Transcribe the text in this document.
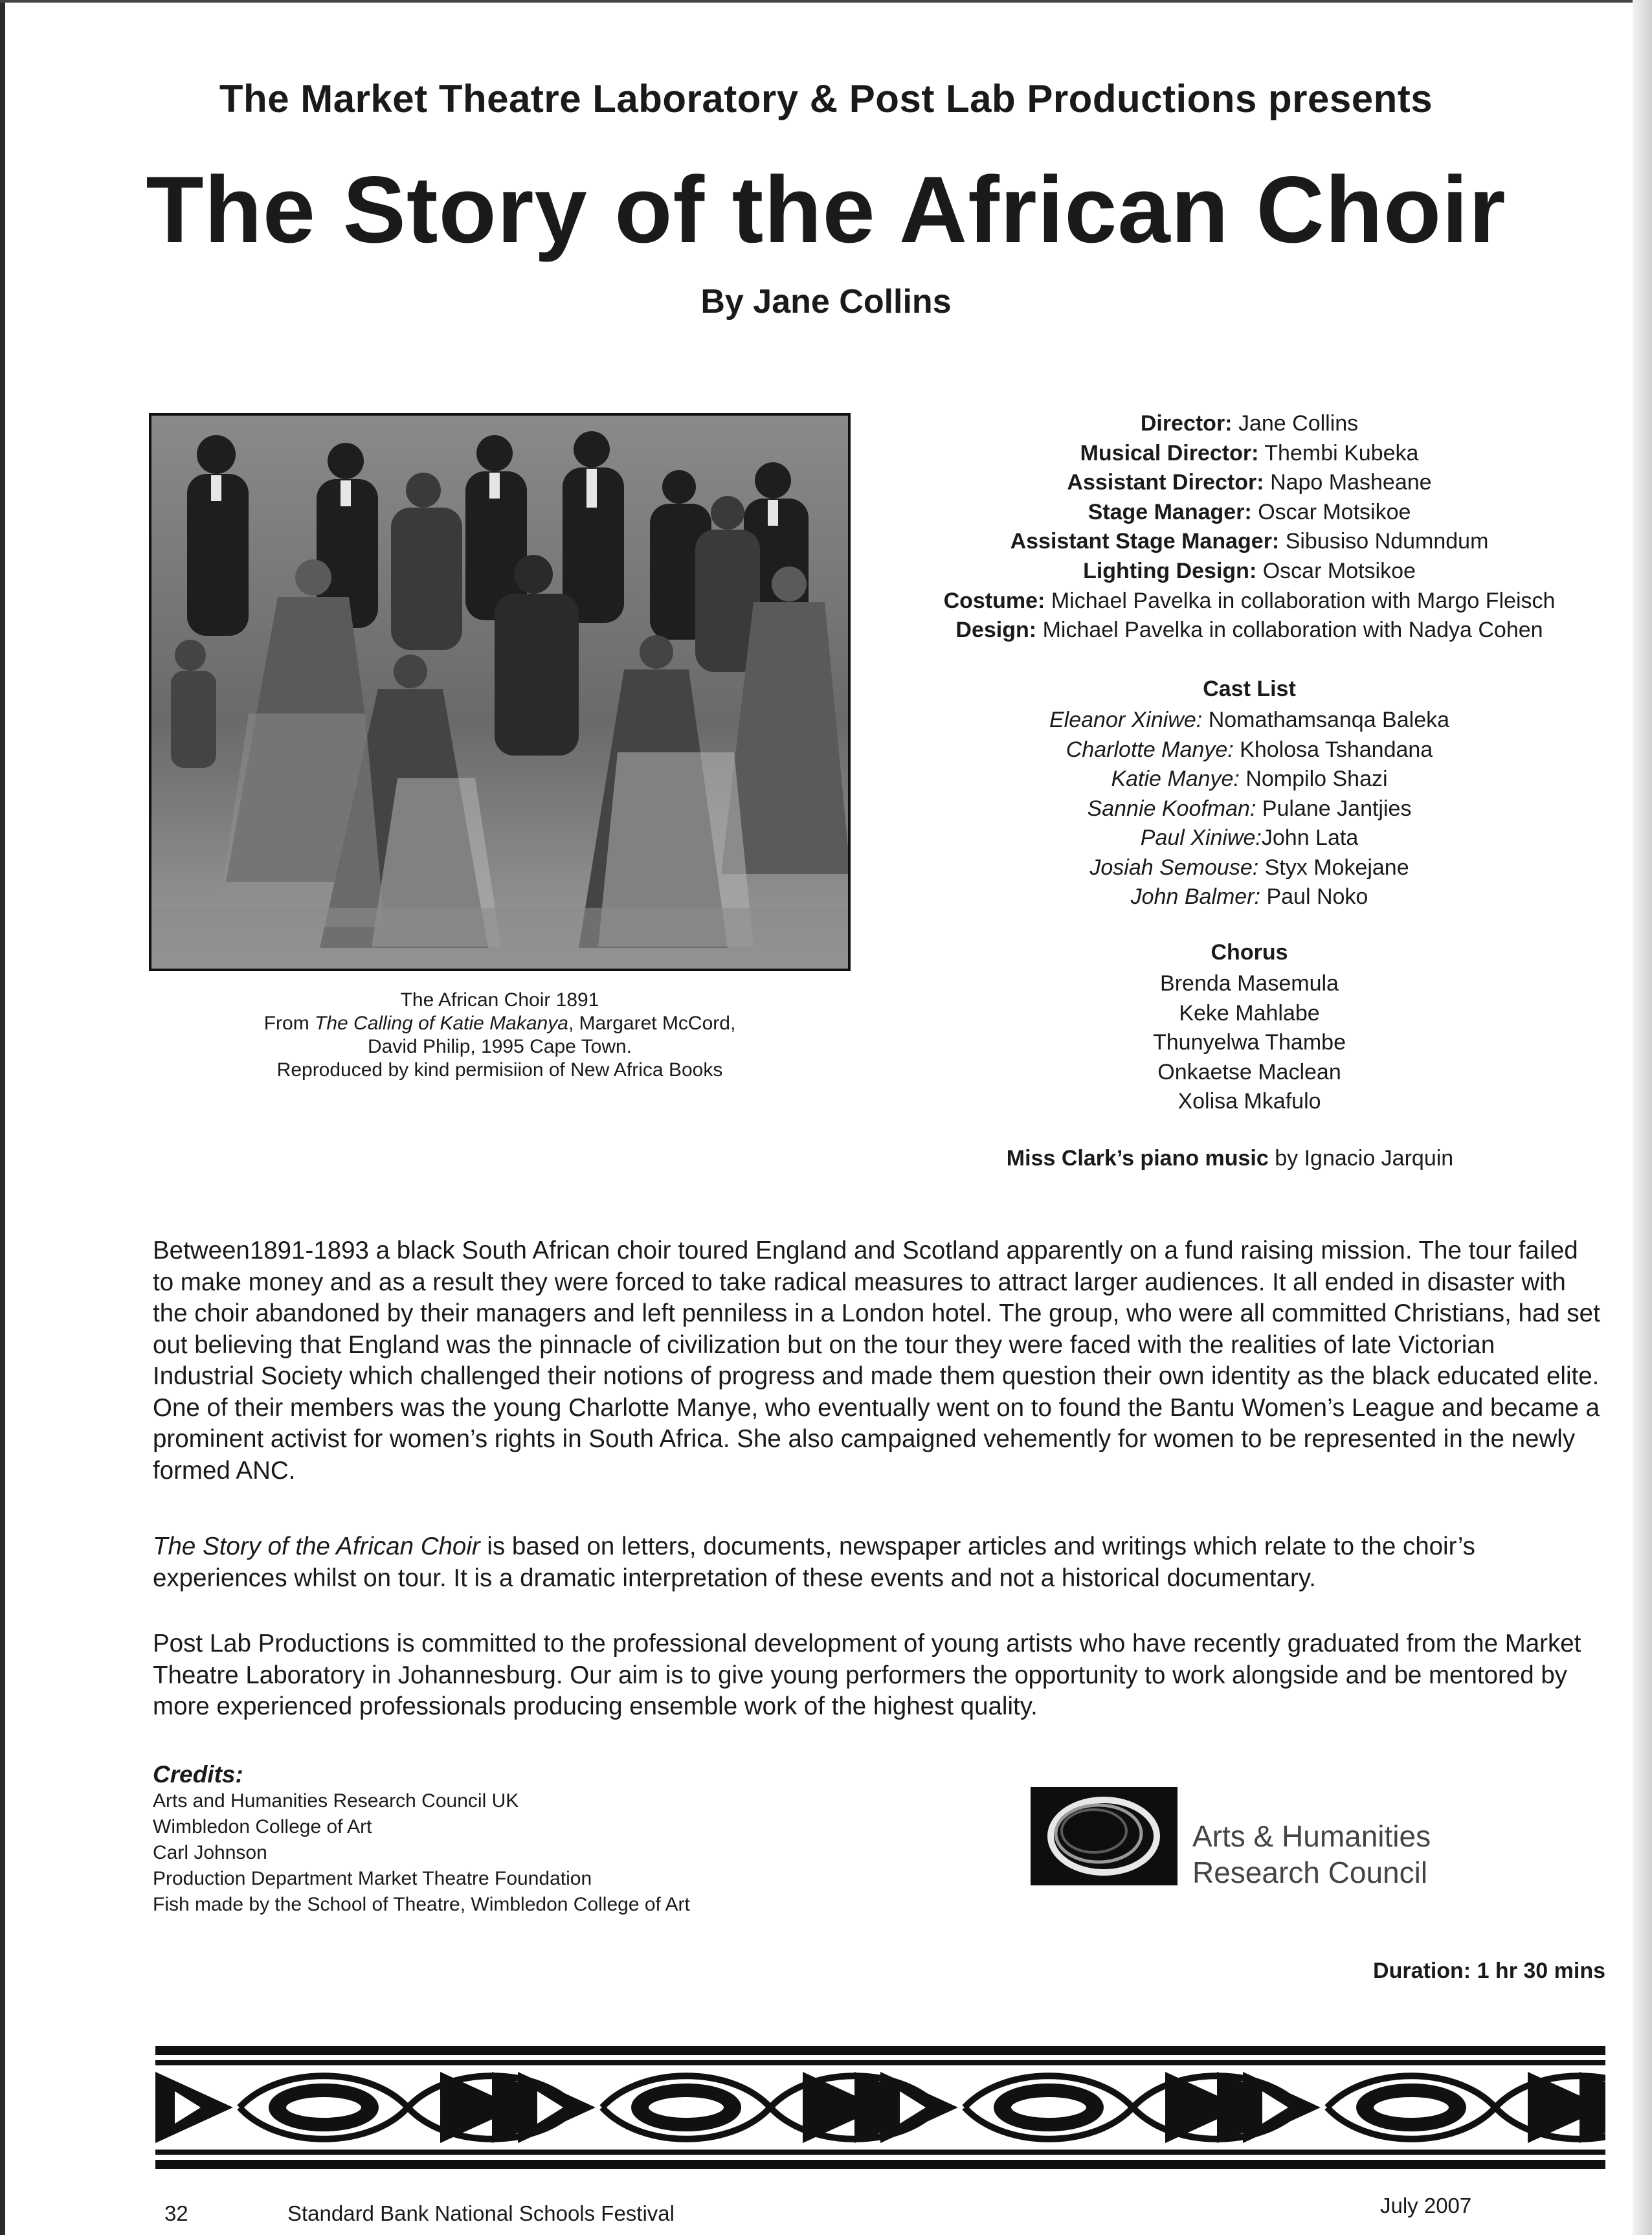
The Market Theatre Laboratory & Post Lab Productions presents
The Story of the African Choir
By Jane Collins
The African Choir 1891
From The Calling of Katie Makanya, Margaret McCord,
David Philip, 1995 Cape Town.
Reproduced by kind permisiion of New Africa Books
Director: Jane Collins
Musical Director: Thembi Kubeka
Assistant Director: Napo Masheane
Stage Manager: Oscar Motsikoe
Assistant Stage Manager: Sibusiso Ndumndum
Lighting Design: Oscar Motsikoe
Costume: Michael Pavelka in collaboration with Margo Fleisch
Design: Michael Pavelka in collaboration with Nadya Cohen
Cast List
Eleanor Xiniwe: Nomathamsanqa Baleka
Charlotte Manye: Kholosa Tshandana
Katie Manye: Nompilo Shazi
Sannie Koofman: Pulane Jantjies
Paul Xiniwe:John Lata
Josiah Semouse: Styx Mokejane
John Balmer: Paul Noko
Chorus
Brenda Masemula
Keke Mahlabe
Thunyelwa Thambe
Onkaetse Maclean
Xolisa Mkafulo
Miss Clark’s piano music by Ignacio Jarquin
Between1891-1893 a black South African choir toured England and Scotland apparently on a fund raising mission. The tour failed to make money and as a result they were forced to take radical measures to attract larger audiences. It all ended in disaster with the choir abandoned by their managers and left penniless in a London hotel. The group, who were all committed Christians, had set out believing that England was the pinnacle of civilization but on the tour they were faced with the realities of late Victorian Industrial Society which challenged their notions of progress and made them question their own identity as the black educated elite. One of their members was the young Charlotte Manye, who eventually went on to found the Bantu Women’s League and became a prominent activist for women’s rights in South Africa. She also campaigned vehemently for women to be represented in the newly formed ANC.
The Story of the African Choir is based on letters, documents, newspaper articles and writings which relate to the choir’s experiences whilst on tour. It is a dramatic interpretation of these events and not a historical documentary.
Post Lab Productions is committed to the professional development of young artists who have recently graduated from the Market Theatre Laboratory in Johannesburg. Our aim is to give young performers the opportunity to work alongside and be mentored by more experienced professionals producing ensemble work of the highest quality.
Credits:
Arts and Humanities Research Council UK
Wimbledon College of Art
Carl Johnson
Production Department Market Theatre Foundation
Fish made by the School of Theatre, Wimbledon College of Art
Arts & Humanities
Research Council
Duration: 1 hr 30 mins
32	Standard Bank National Schools Festival	July 2007
